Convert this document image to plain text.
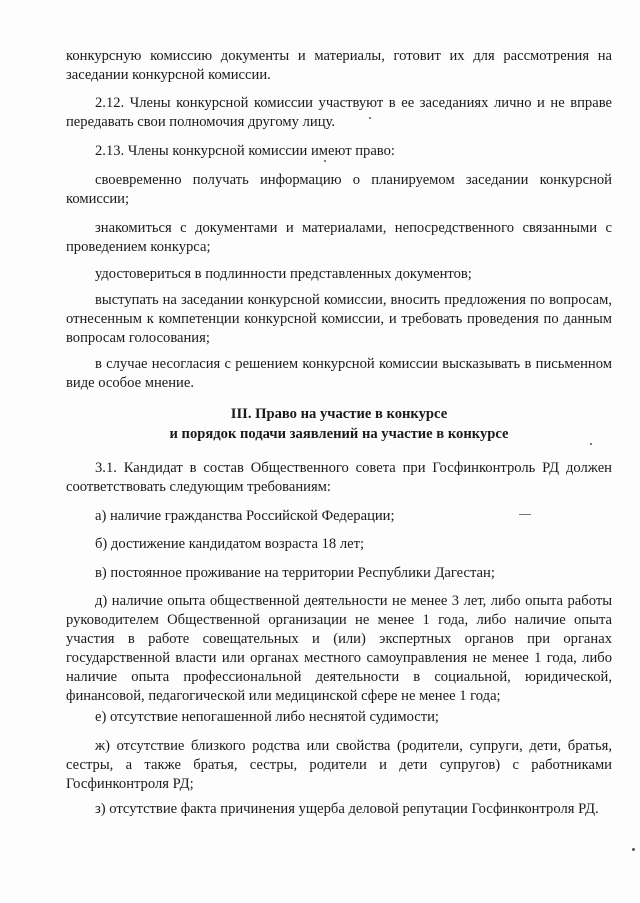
конкурсную комиссию документы и материалы, готовит их для рассмотрения на заседании конкурсной комиссии.

2.12. Члены конкурсной комиссии участвуют в ее заседаниях лично и не вправе передавать свои полномочия другому лицу.

2.13. Члены конкурсной комиссии имеют право:

своевременно получать информацию о планируемом заседании конкурсной комиссии;

знакомиться с документами и материалами, непосредственного связанными с проведением конкурса;

удостовериться в подлинности представленных документов;

выступать на заседании конкурсной комиссии, вносить предложения по вопросам, отнесенным к компетенции конкурсной комиссии, и требовать проведения по данным вопросам голосования;

в случае несогласия с решением конкурсной комиссии высказывать в письменном виде особое мнение.

III. Право на участие в конкурсе

и порядок подачи заявлений на участие в конкурсе

3.1. Кандидат в состав Общественного совета при Госфинконтроль РД должен соответствовать следующим требованиям:

а) наличие гражданства Российской Федерации;

б) достижение кандидатом возраста 18 лет;

в) постоянное проживание на территории Республики Дагестан;

д) наличие опыта общественной деятельности не менее 3 лет, либо опыта работы руководителем Общественной организации не менее 1 года, либо наличие опыта участия в работе совещательных и (или) экспертных органов при органах государственной власти или органах местного самоуправления не менее 1 года, либо наличие опыта профессиональной деятельности в социальной, юридической, финансовой, педагогической или медицинской сфере не менее 1 года;

е) отсутствие непогашенной либо неснятой судимости;

ж) отсутствие близкого родства или свойства (родители, супруги, дети, братья, сестры, а также братья, сестры, родители и дети супругов) с работниками Госфинконтроля РД;

з) отсутствие факта причинения ущерба деловой репутации Госфинконтроля РД.
